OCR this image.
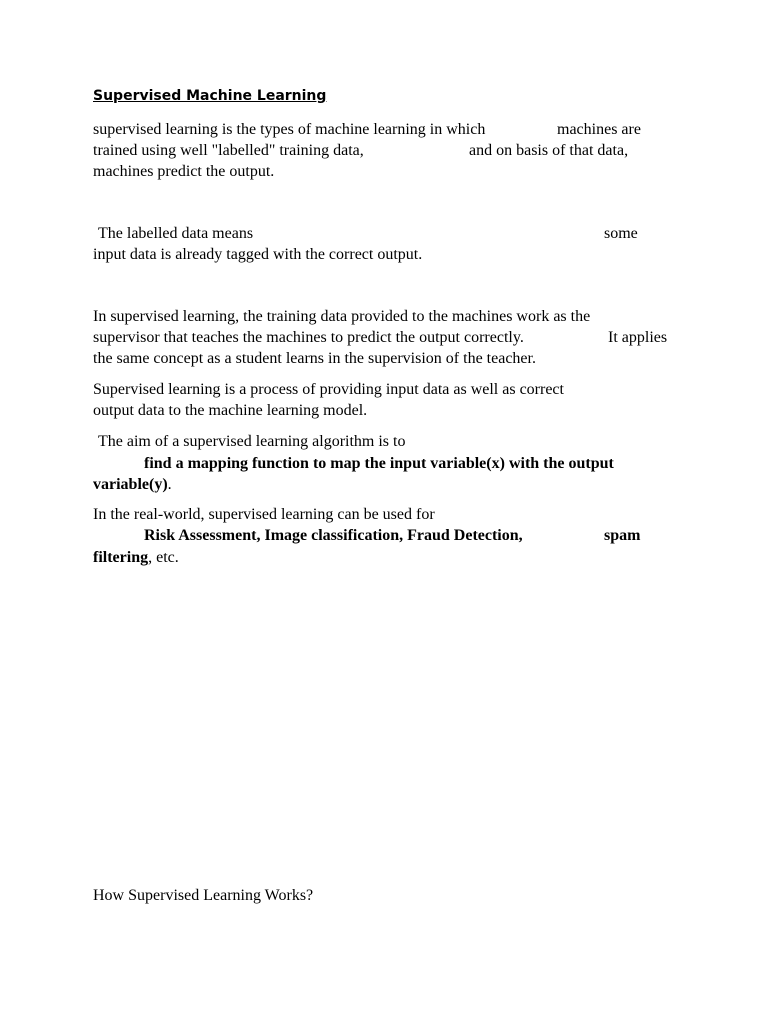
Supervised Machine Learning
supervised learning is the types of machine learning in which	machines are
trained using well "labelled" training data,	and on basis of that data,
machines predict the output.
The labelled data means	some
input data is already tagged with the correct output.
In supervised learning, the training data provided to the machines work as the
supervisor that teaches the machines to predict the output correctly.	It applies
the same concept as a student learns in the supervision of the teacher.
Supervised learning is a process of providing input data as well as correct
output data to the machine learning model.
The aim of a supervised learning algorithm is to
find a mapping function to map the input variable(x) with the output
variable(y).
In the real-world, supervised learning can be used for
Risk Assessment, Image classification, Fraud Detection,	spam
filtering, etc.
How Supervised Learning Works?
